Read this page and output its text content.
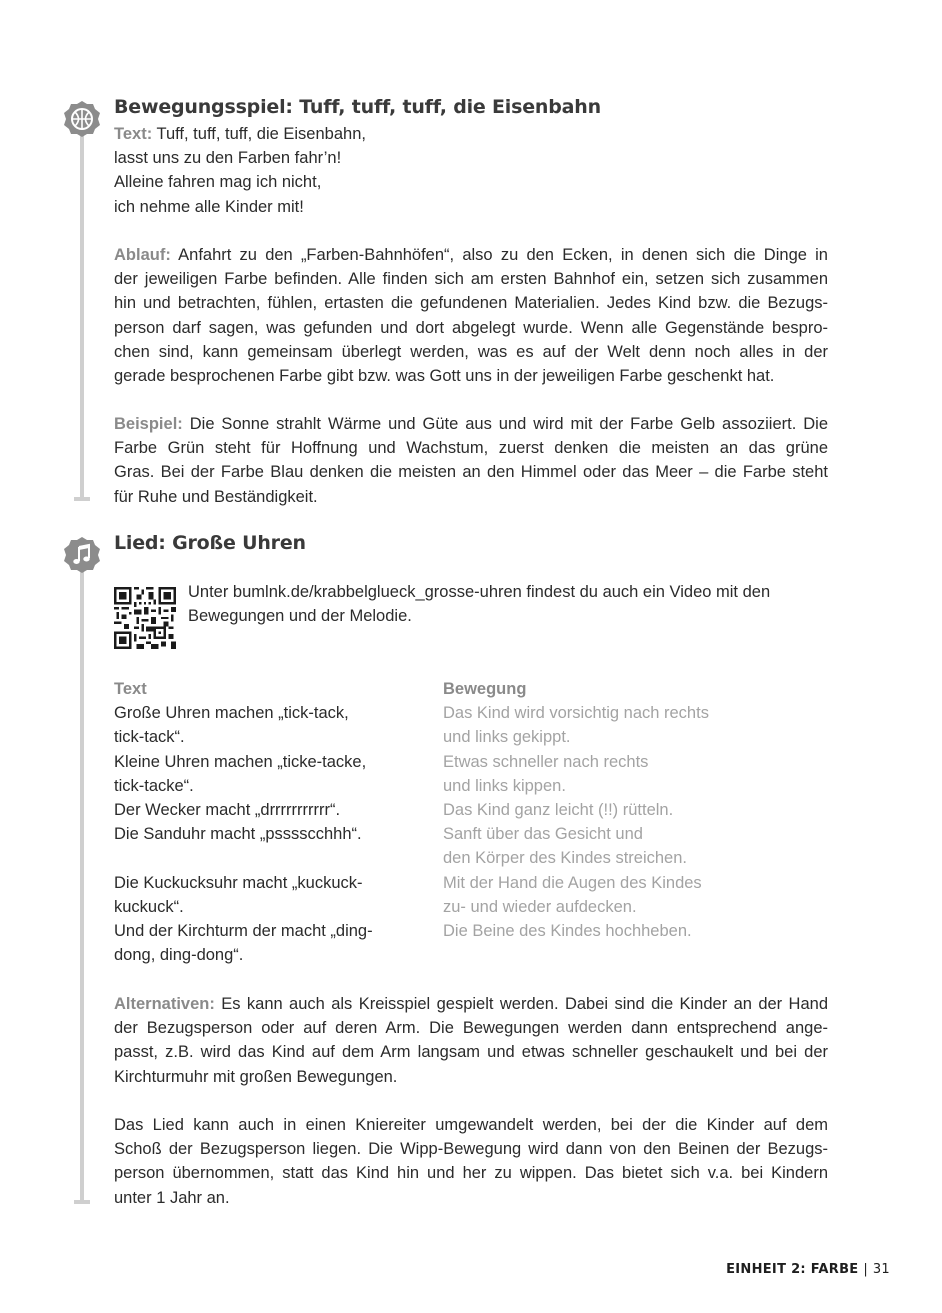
Bewegungsspiel: Tuff, tuff, tuff, die Eisenbahn
Text: Tuff, tuff, tuff, die Eisenbahn,
lasst uns zu den Farben fahr’n!
Alleine fahren mag ich nicht,
ich nehme alle Kinder mit!
Ablauf: Anfahrt zu den „Farben-Bahnhöfen“, also zu den Ecken, in denen sich die Dinge in
der jeweiligen Farbe befinden. Alle finden sich am ersten Bahnhof ein, setzen sich zusammen
hin und betrachten, fühlen, ertasten die gefundenen Materialien. Jedes Kind bzw. die Bezugs-
person darf sagen, was gefunden und dort abgelegt wurde. Wenn alle Gegenstände bespro-
chen sind, kann gemeinsam überlegt werden, was es auf der Welt denn noch alles in der
gerade besprochenen Farbe gibt bzw. was Gott uns in der jeweiligen Farbe geschenkt hat.
Beispiel: Die Sonne strahlt Wärme und Güte aus und wird mit der Farbe Gelb assoziiert. Die
Farbe Grün steht für Hoffnung und Wachstum, zuerst denken die meisten an das grüne
Gras. Bei der Farbe Blau denken die meisten an den Himmel oder das Meer – die Farbe steht
für Ruhe und Beständigkeit.
Lied: Große Uhren
Unter bumlnk.de/krabbelglueck_grosse-uhren findest du auch ein Video mit den
Bewegungen und der Melodie.
Text
Große Uhren machen „tick-tack,
tick-tack“.
Kleine Uhren machen „ticke-tacke,
tick-tacke“.
Der Wecker macht „drrrrrrrrrrr“.
Die Sanduhr macht „psssscchhh“.
Die Kuckucksuhr macht „kuckuck-
kuckuck“.
Und der Kirchturm der macht „ding-
dong, ding-dong“.
Bewegung
Das Kind wird vorsichtig nach rechts
und links gekippt.
Etwas schneller nach rechts
und links kippen.
Das Kind ganz leicht (!!) rütteln.
Sanft über das Gesicht und
den Körper des Kindes streichen.
Mit der Hand die Augen des Kindes
zu- und wieder aufdecken.
Die Beine des Kindes hochheben.
Alternativen: Es kann auch als Kreisspiel gespielt werden. Dabei sind die Kinder an der Hand
der Bezugsperson oder auf deren Arm. Die Bewegungen werden dann entsprechend ange-
passt, z.B. wird das Kind auf dem Arm langsam und etwas schneller geschaukelt und bei der
Kirchturmuhr mit großen Bewegungen.
Das Lied kann auch in einen Kniereiter umgewandelt werden, bei der die Kinder auf dem
Schoß der Bezugsperson liegen. Die Wipp-Bewegung wird dann von den Beinen der Bezugs-
person übernommen, statt das Kind hin und her zu wippen. Das bietet sich v.a. bei Kindern
unter 1 Jahr an.
EINHEIT 2: FARBE | 31
